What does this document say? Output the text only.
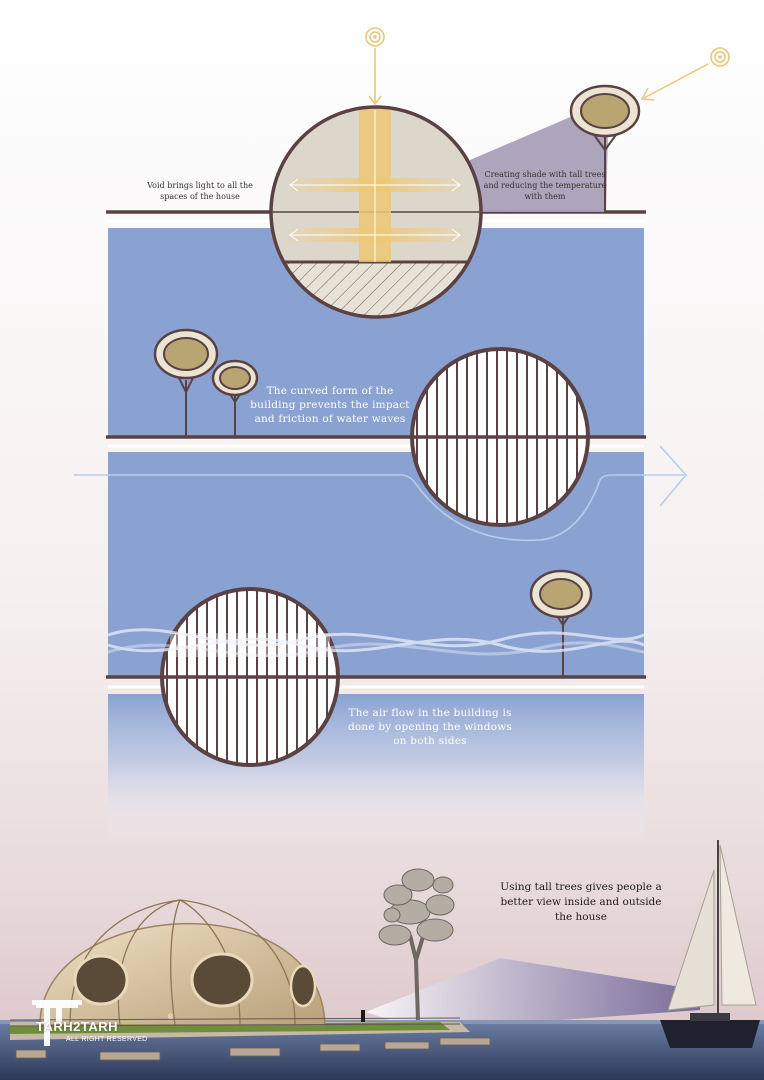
Void brings light to all the
spaces of the house
Creating shade with tall trees
and reducing the temperature
with them
The curved form of the
building prevents the impact
and friction of water waves
The air flow in the building is
done by opening the windows
on both sides
Using tall trees gives people a
better view inside and outside
the house
TARH2TARH
ALL RIGHT RESERVED
®
